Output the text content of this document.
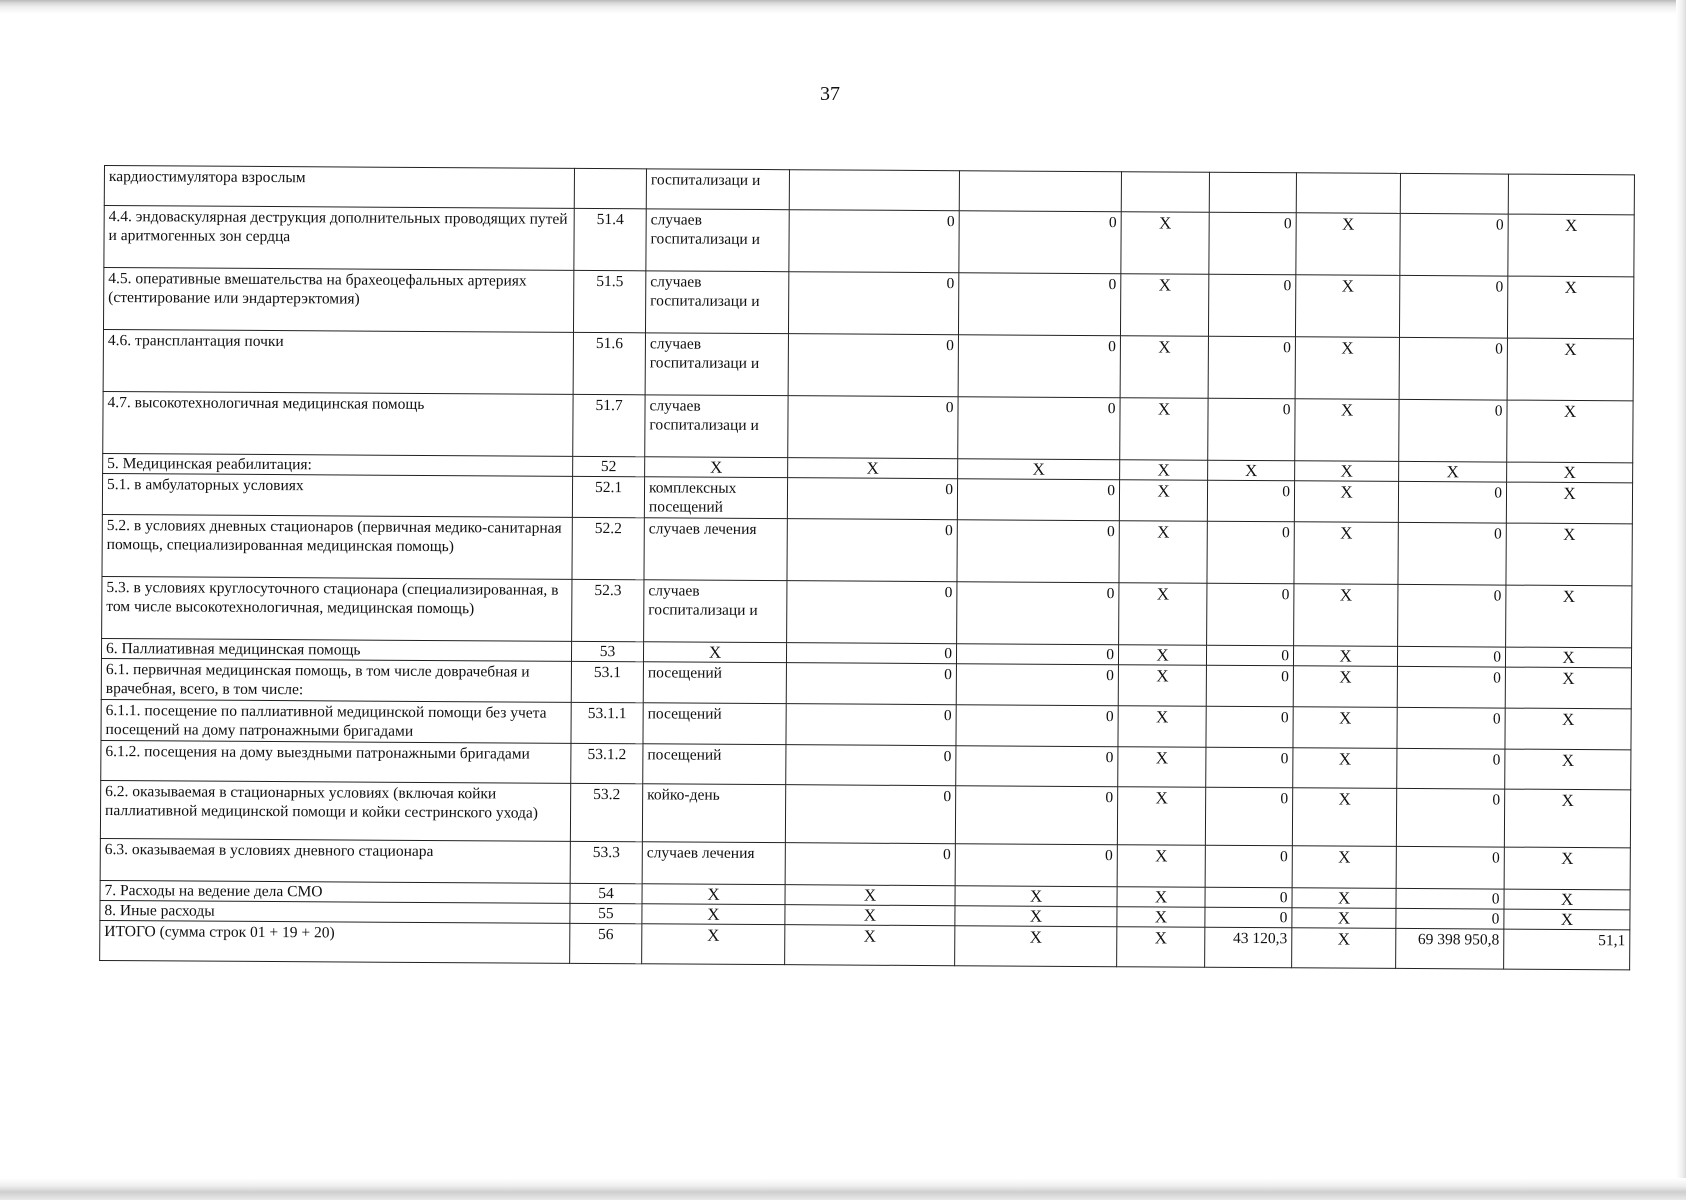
37
кардиостимулятора взрослым		госпитализаци и							
4.4. эндоваскулярная деструкция дополнительных проводящих путей и аритмогенных зон сердца	51.4	случаев госпитализаци и	0	0	X	0	X	0	X
4.5. оперативные вмешательства на брахеоцефальных артериях (стентирование или эндартерэктомия)	51.5	случаев госпитализаци и	0	0	X	0	X	0	X
4.6. трансплантация почки	51.6	случаев госпитализаци и	0	0	X	0	X	0	X
4.7. высокотехнологичная медицинская помощь	51.7	случаев госпитализаци и	0	0	X	0	X	0	X
5. Медицинская реабилитация:	52	X	X	X	X	X	X	X	X
5.1. в амбулаторных условиях	52.1	комплексных посещений	0	0	X	0	X	0	X
5.2. в условиях дневных стационаров (первичная медико-санитарная помощь, специализированная медицинская помощь)	52.2	случаев лечения	0	0	X	0	X	0	X
5.3. в условиях круглосуточного стационара (специализированная, в том числе высокотехнологичная, медицинская помощь)	52.3	случаев госпитализаци и	0	0	X	0	X	0	X
6. Паллиативная медицинская помощь	53	X	0	0	X	0	X	0	X
6.1. первичная медицинская помощь, в том числе доврачебная и врачебная, всего, в том числе:	53.1	посещений	0	0	X	0	X	0	X
6.1.1. посещение по паллиативной медицинской помощи без учета посещений на дому патронажными бригадами	53.1.1	посещений	0	0	X	0	X	0	X
6.1.2. посещения на дому выездными патронажными бригадами	53.1.2	посещений	0	0	X	0	X	0	X
6.2. оказываемая в стационарных условиях (включая койки паллиативной медицинской помощи и койки сестринского ухода)	53.2	койко-день	0	0	X	0	X	0	X
6.3. оказываемая в условиях дневного стационара	53.3	случаев лечения	0	0	X	0	X	0	X
7. Расходы на ведение дела СМО	54	X	X	X	X	0	X	0	X
8. Иные расходы	55	X	X	X	X	0	X	0	X
ИТОГО (сумма строк 01 + 19 + 20)	56	X	X	X	X	43 120,3	X	69 398 950,8	51,1
